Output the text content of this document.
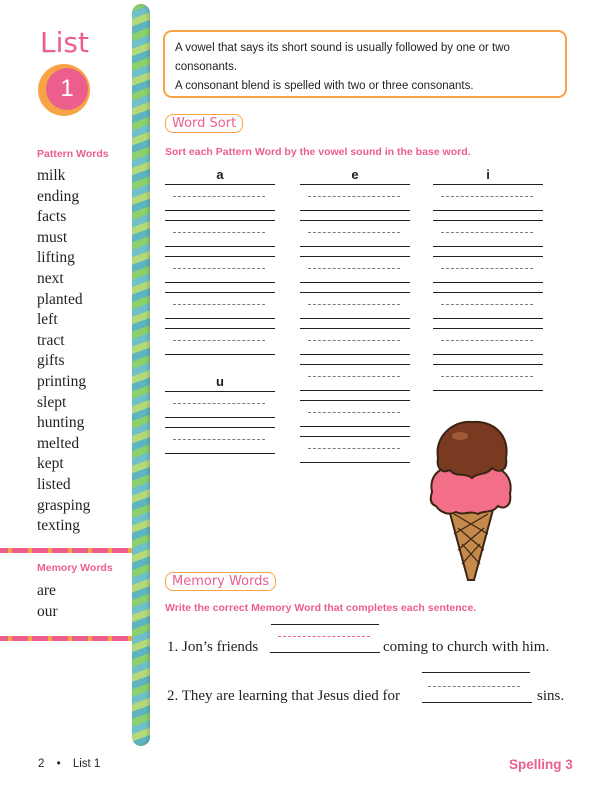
List
1
Pattern Words
milk
ending
facts
must
lifting
next
planted
left
tract
gifts
printing
slept
hunting
melted
kept
listed
grasping
texting
Memory Words
are
our
A vowel that says its short sound is usually followed by one or two consonants.
A consonant blend is spelled with two or three consonants.
Word Sort
Sort each Pattern Word by the vowel sound in the base word.
a	e	i
u
Memory Words
Write the correct Memory Word that completes each sentence.
1. Jon’s friends	coming to church with him.
2. They are learning that Jesus died for	sins.
2 • List 1	Spelling 3
